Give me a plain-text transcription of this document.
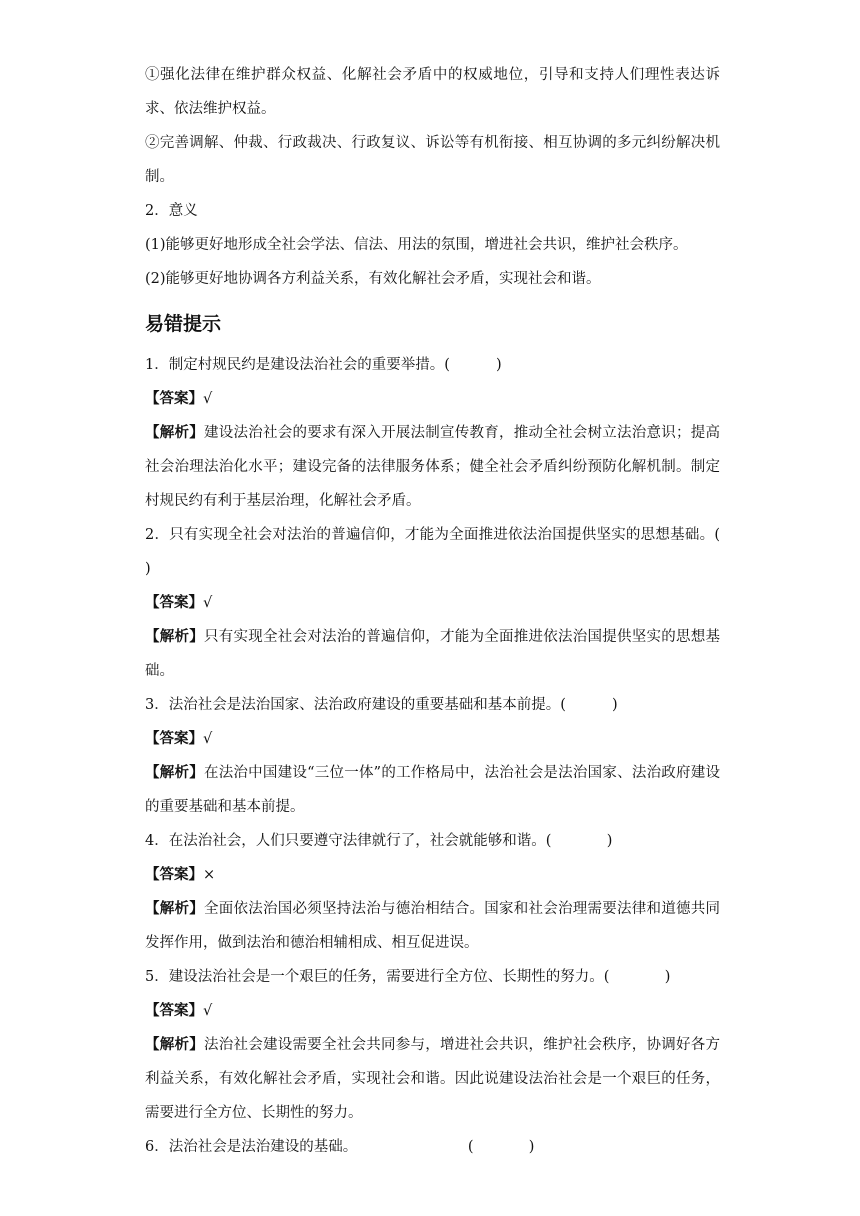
①强化法律在维护群众权益、化解社会矛盾中的权威地位，引导和支持人们理性表达诉求、依法维护权益。

②完善调解、仲裁、行政裁决、行政复议、诉讼等有机衔接、相互协调的多元纠纷解决机制。

2．意义

(1)能够更好地形成全社会学法、信法、用法的氛围，增进社会共识，维护社会秩序。

(2)能够更好地协调各方利益关系，有效化解社会矛盾，实现社会和谐。

易错提示

1．制定村规民约是建设法治社会的重要举措。(          )

【答案】√

【解析】建设法治社会的要求有深入开展法制宣传教育，推动全社会树立法治意识；提高社会治理法治化水平；建设完备的法律服务体系；健全社会矛盾纠纷预防化解机制。制定村规民约有利于基层治理，化解社会矛盾。

2．只有实现全社会对法治的普遍信仰，才能为全面推进依法治国提供坚实的思想基础。(          )

【答案】√

【解析】只有实现全社会对法治的普遍信仰，才能为全面推进依法治国提供坚实的思想基础。

3．法治社会是法治国家、法治政府建设的重要基础和基本前提。(          )

【答案】√

【解析】在法治中国建设“三位一体”的工作格局中，法治社会是法治国家、法治政府建设的重要基础和基本前提。

4．在法治社会，人们只要遵守法律就行了，社会就能够和谐。(            )

【答案】×

【解析】全面依法治国必须坚持法治与德治相结合。国家和社会治理需要法律和道德共同发挥作用，做到法治和德治相辅相成、相互促进误。

5．建设法治社会是一个艰巨的任务，需要进行全方位、长期性的努力。(            )

【答案】√

【解析】法治社会建设需要全社会共同参与，增进社会共识，维护社会秩序，协调好各方利益关系，有效化解社会矛盾，实现社会和谐。因此说建设法治社会是一个艰巨的任务，需要进行全方位、长期性的努力。

6．法治社会是法治建设的基础。                        (            )
